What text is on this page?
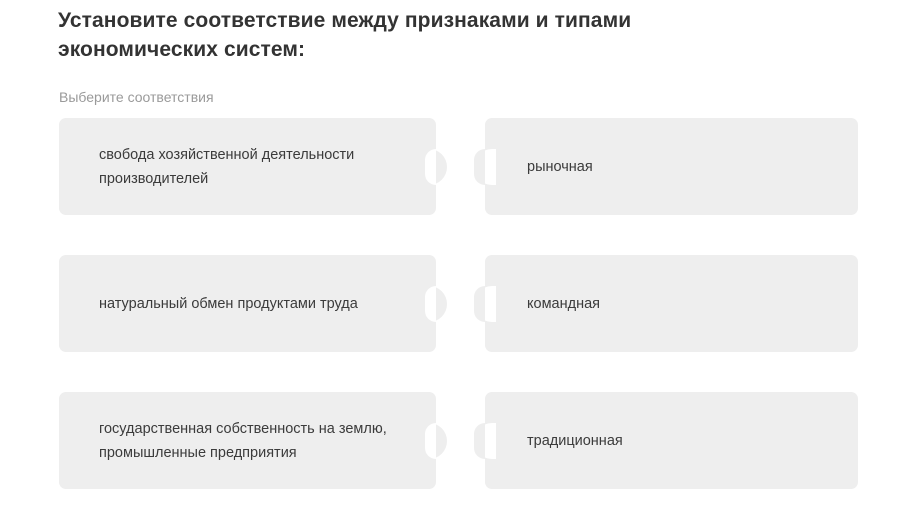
Установите соответствие между признаками и типами экономических систем:
Выберите соответствия
свобода хозяйственной деятельности производителей
рыночная
натуральный обмен продуктами труда	командная
государственная собственность на землю, промышленные предприятия
традиционная
